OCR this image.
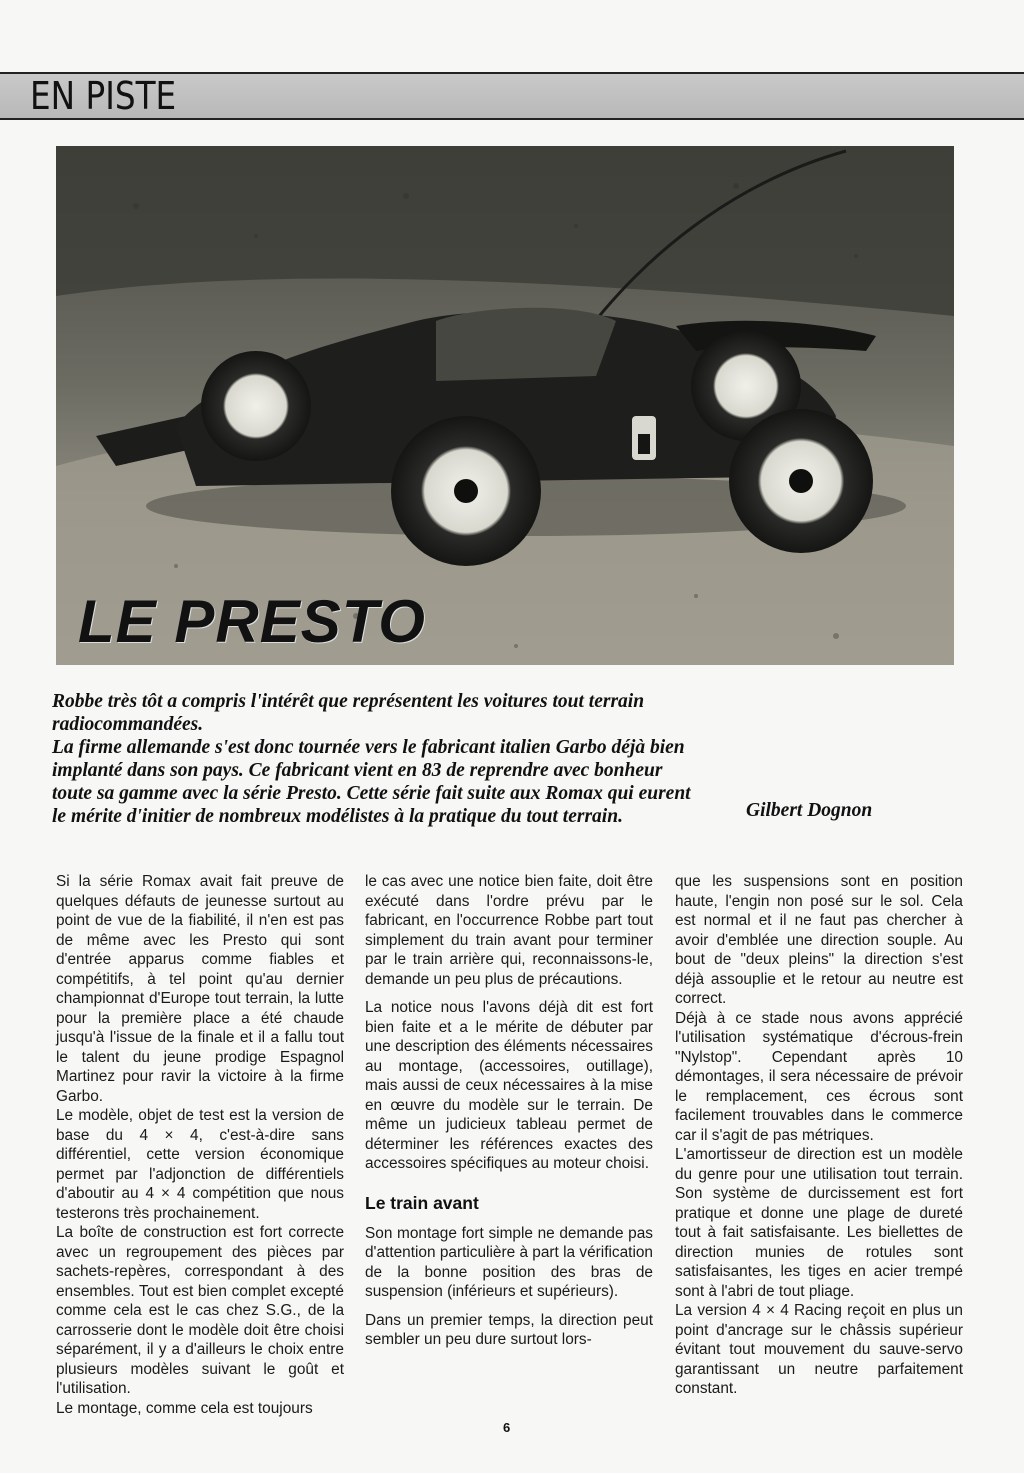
EN PISTE
LE PRESTO

Robbe très tôt a compris l'intérêt que représentent les voitures tout terrain radiocommandées.

La firme allemande s'est donc tournée vers le fabricant italien Garbo déjà bien implanté dans son pays. Ce fabricant vient en 83 de reprendre avec bonheur toute sa gamme avec la série Presto. Cette série fait suite aux Romax qui eurent le mérite d'initier de nombreux modélistes à la pratique du tout terrain.	Gilbert Dognon

Si la série Romax avait fait preuve de quelques défauts de jeunesse surtout au point de vue de la fiabilité, il n'en est pas de même avec les Presto qui sont d'entrée apparus comme fiables et compétitifs, à tel point qu'au dernier championnat d'Europe tout terrain, la lutte pour la première place a été chaude jusqu'à l'issue de la finale et il a fallu tout le talent du jeune prodige Espagnol Martinez pour ravir la victoire à la firme Garbo.

Le modèle, objet de test est la version de base du 4 × 4, c'est-à-dire sans différentiel, cette version économique permet par l'adjonction de différentiels d'aboutir au 4 × 4 compétition que nous testerons très prochainement.

La boîte de construction est fort correcte avec un regroupement des pièces par sachets-repères, correspondant à des ensembles. Tout est bien complet excepté comme cela est le cas chez S.G., de la carrosserie dont le modèle doit être choisi séparément, il y a d'ailleurs le choix entre plusieurs modèles suivant le goût et l'utilisation.

Le montage, comme cela est toujours

le cas avec une notice bien faite, doit être exécuté dans l'ordre prévu par le fabricant, en l'occurrence Robbe part tout simplement du train avant pour terminer par le train arrière qui, reconnaissons-le, demande un peu plus de précautions.

La notice nous l'avons déjà dit est fort bien faite et a le mérite de débuter par une description des éléments nécessaires au montage, (accessoires, outillage), mais aussi de ceux nécessaires à la mise en œuvre du modèle sur le terrain. De même un judicieux tableau permet de déterminer les références exactes des accessoires spécifiques au moteur choisi.

Le train avant

Son montage fort simple ne demande pas d'attention particulière à part la vérification de la bonne position des bras de suspension (inférieurs et supérieurs).

Dans un premier temps, la direction peut sembler un peu dure surtout lors-

que les suspensions sont en position haute, l'engin non posé sur le sol. Cela est normal et il ne faut pas chercher à avoir d'emblée une direction souple. Au bout de "deux pleins" la direction s'est déjà assouplie et le retour au neutre est correct.

Déjà à ce stade nous avons apprécié l'utilisation systématique d'écrous-frein "Nylstop". Cependant après 10 démontages, il sera nécessaire de prévoir le remplacement, ces écrous sont facilement trouvables dans le commerce car il s'agit de pas métriques.

L'amortisseur de direction est un modèle du genre pour une utilisation tout terrain. Son système de durcissement est fort pratique et donne une plage de dureté tout à fait satisfaisante. Les biellettes de direction munies de rotules sont satisfaisantes, les tiges en acier trempé sont à l'abri de tout pliage.

La version 4 × 4 Racing reçoit en plus un point d'ancrage sur le châssis supérieur évitant tout mouvement du sauve-servo garantissant un neutre parfaitement constant.

6
